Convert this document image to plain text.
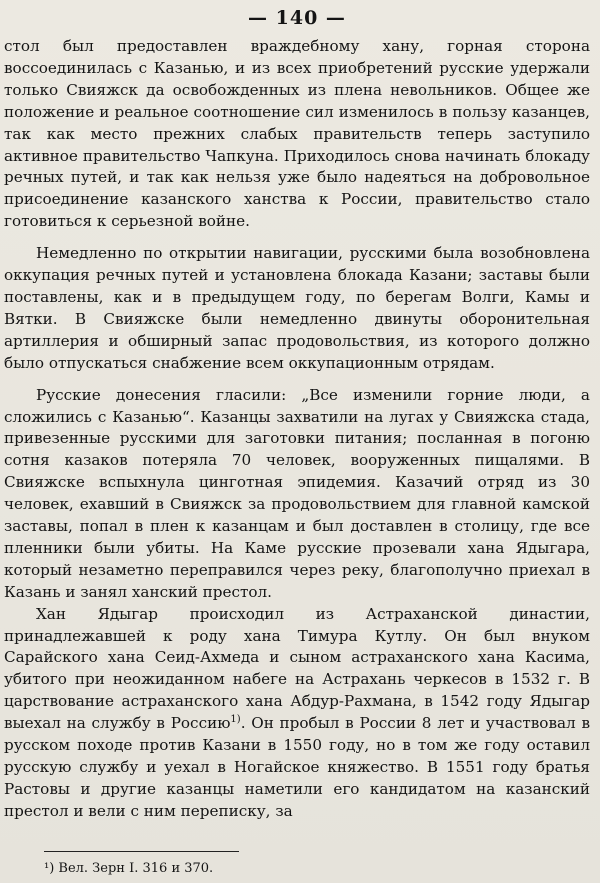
— 140 —

стол был предоставлен враждебному хану, горная сторона воссоединилась с Казанью, и из всех приобретений русские удержали только Свияжск да освобожденных из плена невольников. Общее же положение и реальное соотношение сил изменилось в пользу казанцев, так как место прежних слабых правительств теперь заступило активное правительство Чапкуна. Приходилось снова начинать блокаду речных путей, и так как нельзя уже было надеяться на добровольное присоединение казанского ханства к России, правительство стало готовиться к серьезной войне.

Немедленно по открытии навигации, русскими была возобновлена оккупация речных путей и установлена блокада Казани; заставы были поставлены, как и в предыдущем году, по берегам Волги, Камы и Вятки. В Свияжске были немедленно двинуты оборонительная артиллерия и обширный запас продовольствия, из которого должно было отпускаться снабжение всем оккупационным отрядам.

Русские донесения гласили: „Все изменили горние люди, а сложились с Казанью“. Казанцы захватили на лугах у Свияжска стада, привезенные русскими для заготовки питания; посланная в погоню сотня казаков потеряла 70 человек, вооруженных пищалями. В Свияжске вспыхнула цинготная эпидемия. Казачий отряд из 30 человек, ехавший в Свияжск за продовольствием для главной камской заставы, попал в плен к казанцам и был доставлен в столицу, где все пленники были убиты. На Каме русские прозевали хана Ядыгара, который незаметно переправился через реку, благополучно приехал в Казань и занял ханский престол.

Хан Ядыгар происходил из Астраханской династии, принадлежавшей к роду хана Тимура Кутлу. Он был внуком Сарайского хана Сеид-Ахмеда и сыном астраханского хана Касима, убитого при неожиданном набеге на Астрахань черкесов в 1532 г. В царствование астраханского хана Абдур-Рахмана, в 1542 году Ядыгар выехал на службу в Россию$^{1)}$. Он пробыл в России 8 лет и участвовал в русском походе против Казани в 1550 году, но в том же году оставил русскую службу и уехал в Ногайское княжество. В 1551 году братья Растовы и другие казанцы наметили его кандидатом на казанский престол и вели с ним переписку, за

¹) Вел. Зерн I. 316 и 370.
